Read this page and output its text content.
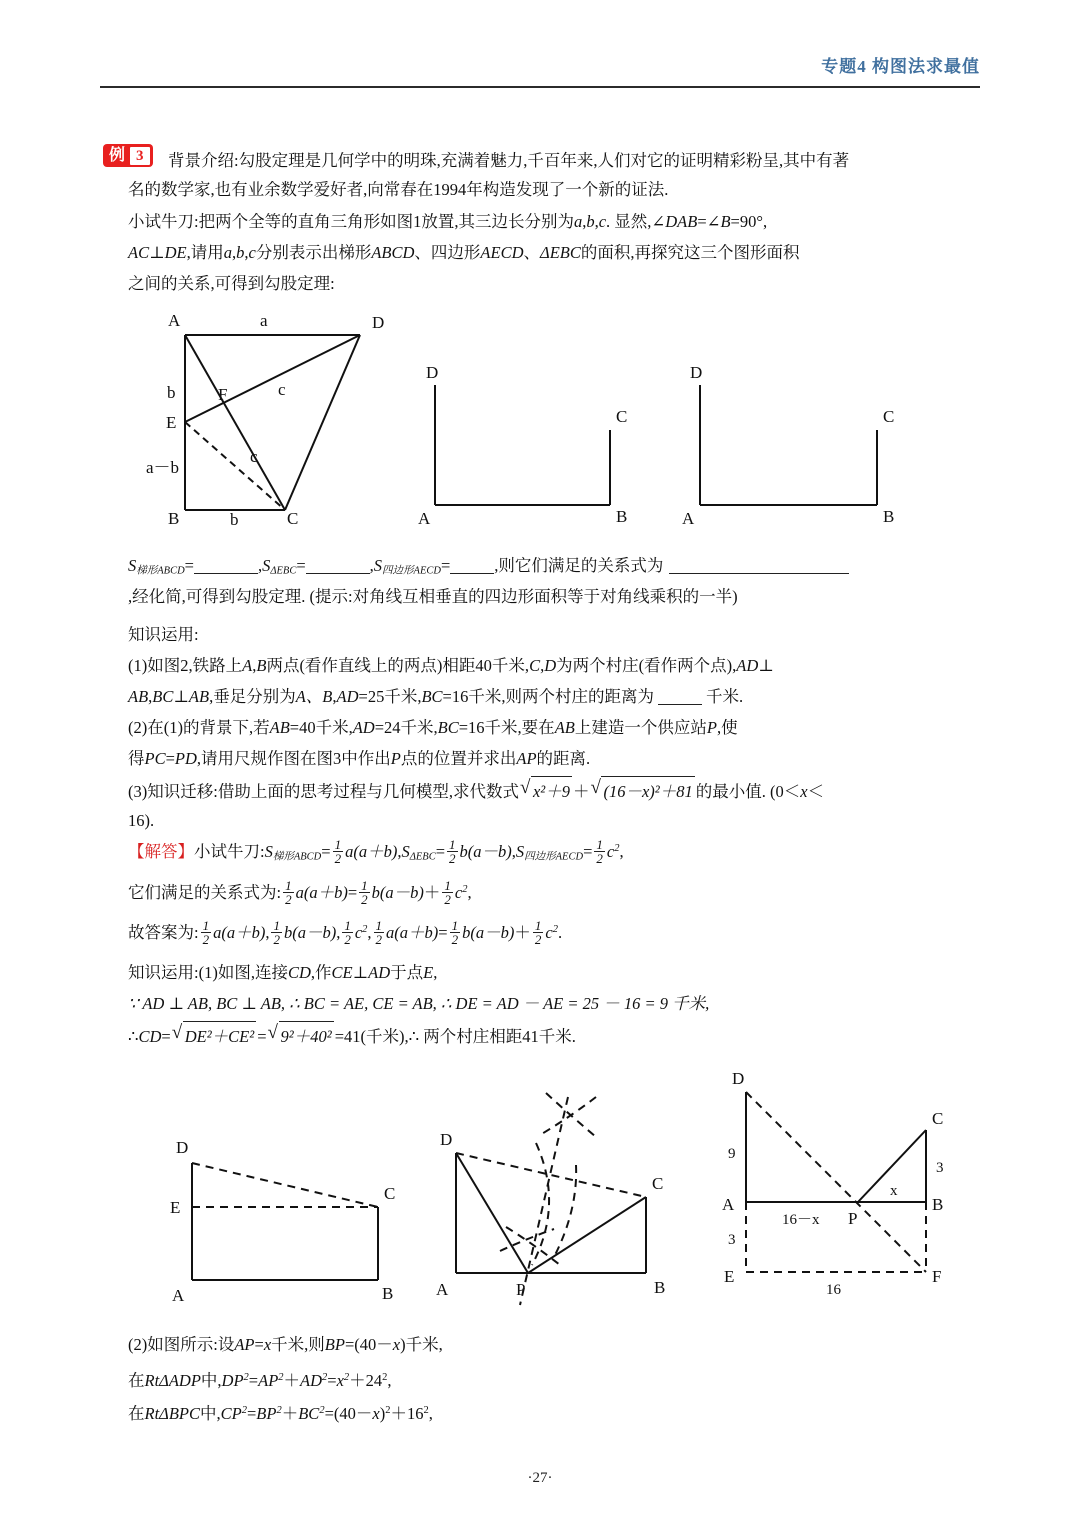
专题4 构图法求最值
例 3	背景介绍:勾股定理是几何学中的明珠,充满着魅力,千百年来,人们对它的证明精彩粉呈,其中有著
名的数学家,也有业余数学爱好者,向常春在1994年构造发现了一个新的证法.
小试牛刀:把两个全等的直角三角形如图1放置,其三边长分别为a,b,c. 显然,∠DAB=∠B=90°,
AC⊥DE,请用a,b,c分别表示出梯形ABCD、四边形AECD、ΔEBC的面积,再探究这三个图形面积
之间的关系,可得到勾股定理:
A	D
E
B	C
F
a
b
a－b
b
c
c
D
C
A	B
D
C
A	B
$S_{梯形ABCD}=$	$,S_{\Delta EBC}=$	$,S_{四边形AECD}=$	,则它们满足的关系式为
,经化简,可得到勾股定理. (提示:对角线互相垂直的四边形面积等于对角线乘积的一半)
知识运用:
(1)如图2,铁路上A,B两点(看作直线上的两点)相距40千米,C,D为两个村庄(看作两个点),AD⊥
AB,BC⊥AB,垂足分别为A、B,AD=25千米,BC=16千米,则两个村庄的距离为	千米.
(2)在(1)的背景下,若AB=40千米,AD=24千米,BC=16千米,要在AB上建造一个供应站P,使
得PC=PD,请用尺规作图在图3中作出P点的位置并求出AP的距离.
(3)知识迁移:借助上面的思考过程与几何模型,求代数式 √ x²＋9 ＋ √ (16－x)²＋81 的最小值. (0＜x＜
16).
【解答】小试牛刀$:S_{梯形ABCD}= \frac{1}{2} a(a+b),S_{\Delta EBC}= \frac{1}{2} b(a-b),S_{四边形AECD}= \frac{1}{2} c^2$,
它们满足的关系式为: $\frac{1}{2} a(a+b)= \frac{1}{2} b(a-b)+ \frac{1}{2} c^2$,
故答案为: $\frac{1}{2} a(a+b)$, $\frac{1}{2} b(a-b)$, $\frac{1}{2} c^2$, $\frac{1}{2} a(a+b)= \frac{1}{2} b(a-b)+ \frac{1}{2} c^2$.
知识运用:(1)如图,连接CD,作CE⊥AD于点E,
∵ AD ⊥ AB, BC ⊥ AB, ∴ BC = AE, CE = AB, ∴ DE = AD － AE = 25 － 16 = 9 千米,
∴CD= √ DE²＋CE² = √ 9²＋40² =41(千米),∴ 两个村庄相距41千米.
D
E
C
A	B
D
C
A	P	B
D
C
A	B
E	F
P
9
3
3
16－x
x
16
(2)如图所示:设AP=x千米,则BP=(40－x)千米,
在RtΔADP中$,DP^2=AP^2+AD^2=x^2+24^2$,
在RtΔBPC中$,CP^2=BP^2+BC^2=(40-x)^2+16^2$,
·27·
